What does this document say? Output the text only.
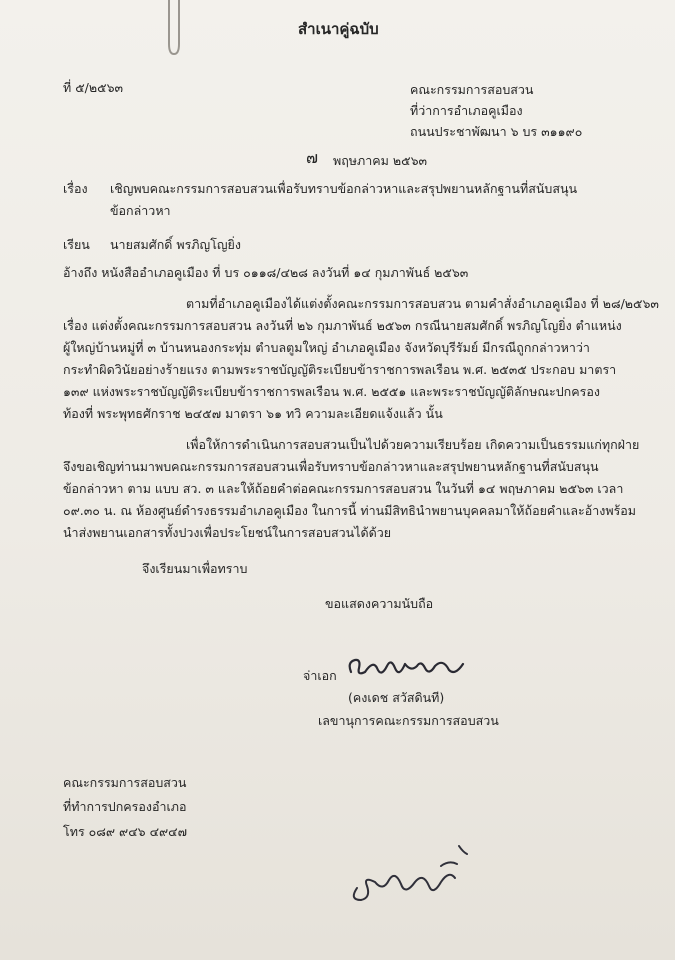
สำเนาคู่ฉบับ
ที่ ๕/๒๕๖๓	คณะกรรมการสอบสวน
ที่ว่าการอำเภอคูเมือง
ถนนประชาพัฒนา ๖ บร ๓๑๑๙๐
๗ พฤษภาคม ๒๕๖๓
เรื่อง เชิญพบคณะกรรมการสอบสวนเพื่อรับทราบข้อกล่าวหาและสรุปพยานหลักฐานที่สนับสนุน
ข้อกล่าวหา
เรียน นายสมศักดิ์ พรภิญโญยิ่ง
อ้างถึง หนังสืออำเภอคูเมือง ที่ บร ๐๑๑๘/๔๒๘ ลงวันที่ ๑๔ กุมภาพันธ์ ๒๕๖๓
ตามที่อำเภอคูเมืองได้แต่งตั้งคณะกรรมการสอบสวน ตามคำสั่งอำเภอคูเมือง ที่ ๒๘/๒๕๖๓
เรื่อง แต่งตั้งคณะกรรมการสอบสวน ลงวันที่ ๒๖ กุมภาพันธ์ ๒๕๖๓ กรณีนายสมศักดิ์ พรภิญโญยิ่ง ตำแหน่ง
ผู้ใหญ่บ้านหมู่ที่ ๓ บ้านหนองกระทุ่ม ตำบลตูมใหญ่ อำเภอคูเมือง จังหวัดบุรีรัมย์ มีกรณีถูกกล่าวหาว่า
กระทำผิดวินัยอย่างร้ายแรง ตามพระราชบัญญัติระเบียบข้าราชการพลเรือน พ.ศ. ๒๕๓๕ ประกอบ มาตรา
๑๓๙ แห่งพระราชบัญญัติระเบียบข้าราชการพลเรือน พ.ศ. ๒๕๕๑ และพระราชบัญญัติลักษณะปกครอง
ท้องที่ พระพุทธศักราช ๒๔๕๗ มาตรา ๖๑ ทวิ ความละเอียดแจ้งแล้ว นั้น
เพื่อให้การดำเนินการสอบสวนเป็นไปด้วยความเรียบร้อย เกิดความเป็นธรรมแก่ทุกฝ่าย
จึงขอเชิญท่านมาพบคณะกรรมการสอบสวนเพื่อรับทราบข้อกล่าวหาและสรุปพยานหลักฐานที่สนับสนุน
ข้อกล่าวหา ตาม แบบ สว. ๓ และให้ถ้อยคำต่อคณะกรรมการสอบสวน ในวันที่ ๑๔ พฤษภาคม ๒๕๖๓ เวลา
๐๙.๓๐ น. ณ ห้องศูนย์ดำรงธรรมอำเภอคูเมือง ในการนี้ ท่านมีสิทธินำพยานบุคคลมาให้ถ้อยคำและอ้างพร้อม
นำส่งพยานเอกสารทั้งปวงเพื่อประโยชน์ในการสอบสวนได้ด้วย
จึงเรียนมาเพื่อทราบ
ขอแสดงความนับถือ
จ่าเอก
(คงเดช สวัสดินที)
เลขานุการคณะกรรมการสอบสวน
คณะกรรมการสอบสวน
ที่ทำการปกครองอำเภอ
โทร ๐๘๙ ๙๔๖ ๔๙๔๗
